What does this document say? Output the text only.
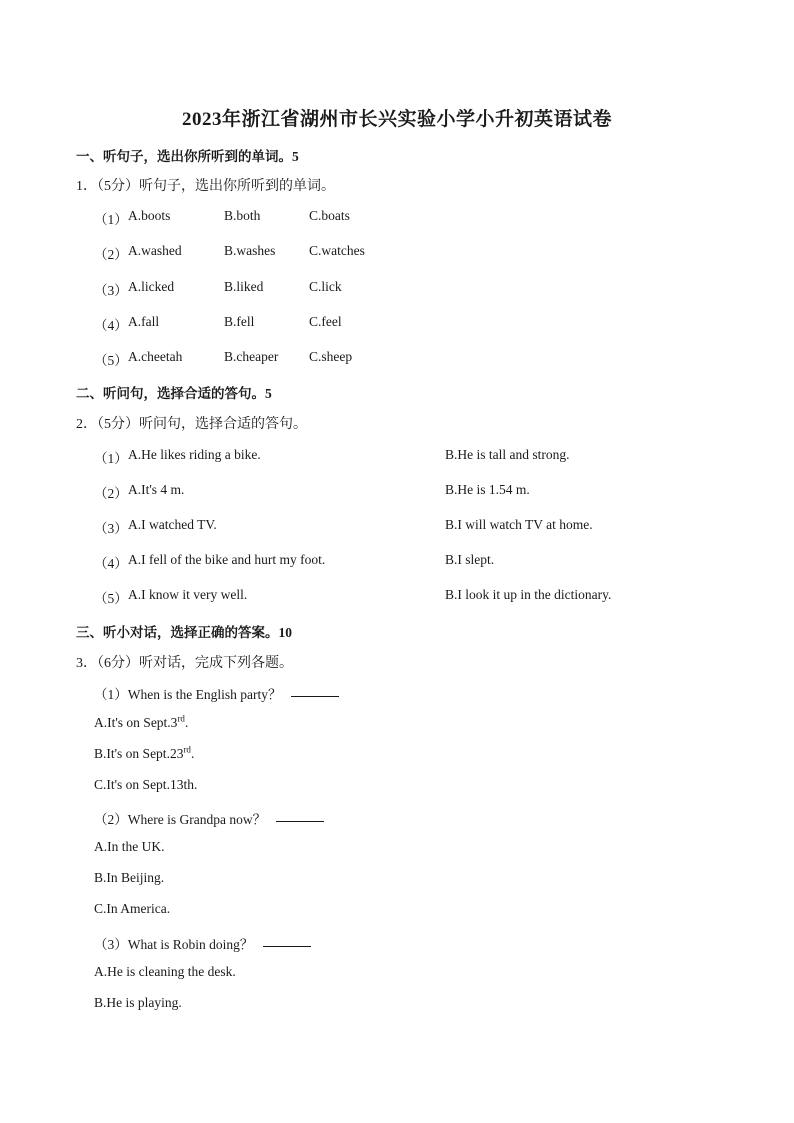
2023年浙江省湖州市长兴实验小学小升初英语试卷
一、听句子，选出你所听到的单词。5
1．（5分）听句子，选出你所听到的单词。
（1） A.boots	B.both	C.boats
（2） A.washed	B.washes C.watches
（3） A.licked	B.liked	C.lick
（4） A.fall	B.fell	C.feel
（5） A.cheetah	B.cheaper C.sheep
二、听问句，选择合适的答句。5
2．（5分）听问句，选择合适的答句。
（1） A.He likes riding a bike.	B.He is tall and strong.
（2） A.It's 4 m.	B.He is 1.54 m.
（3） A.I watched TV.	B.I will watch TV at home.
（4） A.I fell of the bike and hurt my foot.	B.I slept.
（5） A.I know it very well.	B.I look it up in the dictionary.
三、听小对话，选择正确的答案。10
3．（6分）听对话，完成下列各题。
（1）When is the English party？
A.It's on Sept.3rd.
B.It's on Sept.23rd.
C.It's on Sept.13th.
（2）Where is Grandpa now？
A.In the UK.
B.In Beijing.
C.In America.
（3）What is Robin doing？
A.He is cleaning the desk.
B.He is playing.
